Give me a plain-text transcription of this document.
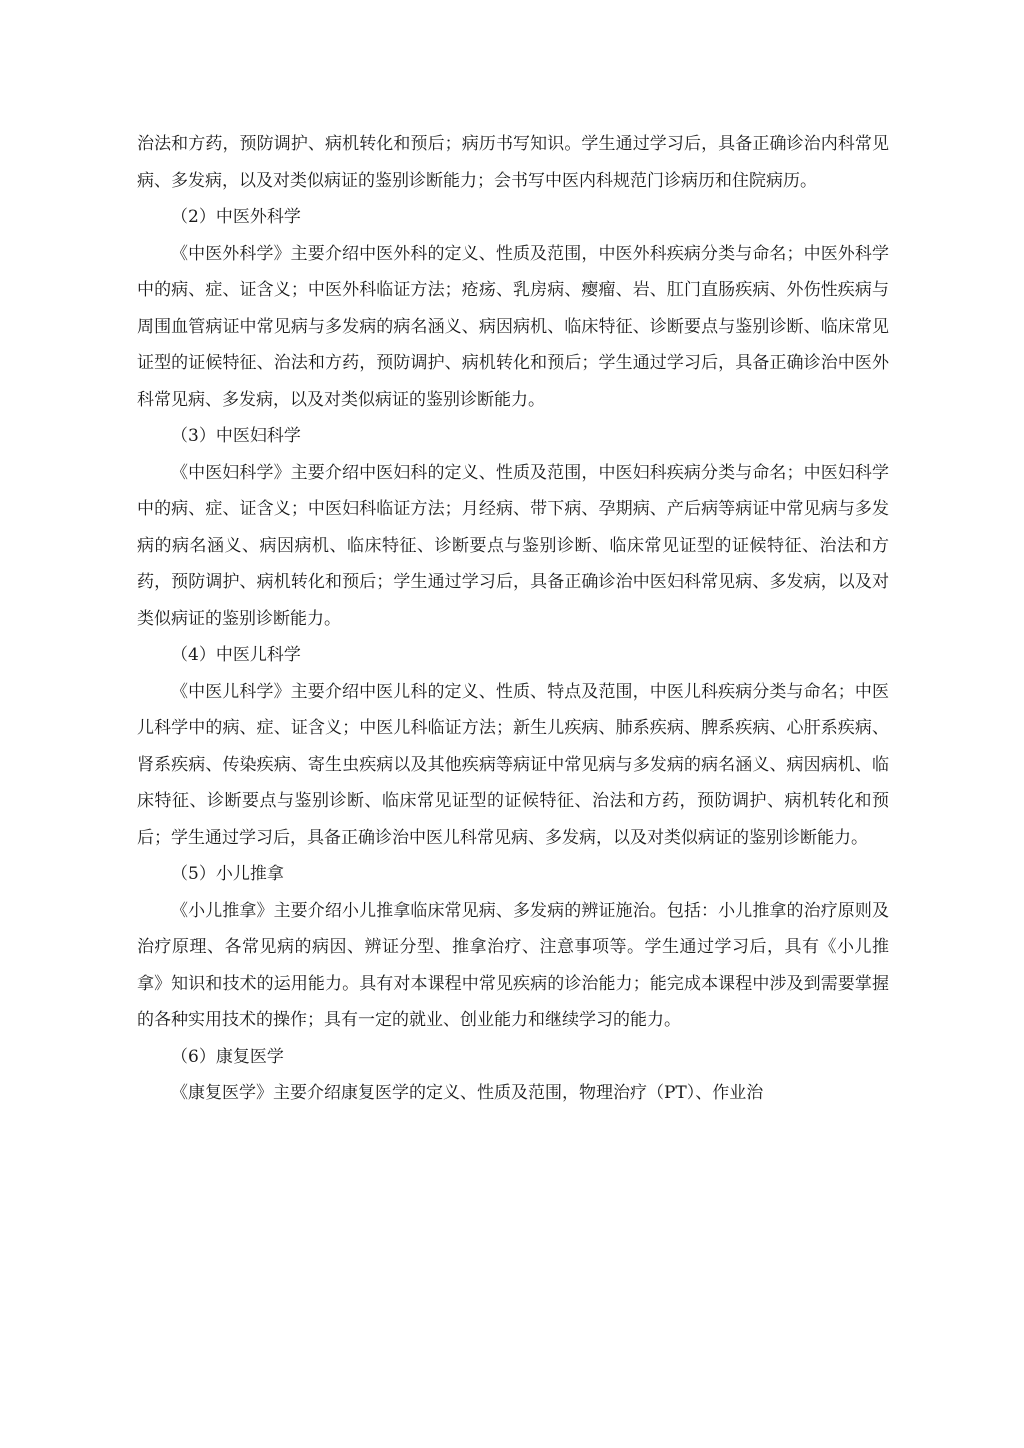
治法和方药，预防调护、病机转化和预后；病历书写知识。学生通过学习后，具备正确诊治内科常见病、多发病，以及对类似病证的鉴别诊断能力；会书写中医内科规范门诊病历和住院病历。

（2）中医外科学

《中医外科学》主要介绍中医外科的定义、性质及范围，中医外科疾病分类与命名；中医外科学中的病、症、证含义；中医外科临证方法；疮疡、乳房病、瘿瘤、岩、肛门直肠疾病、外伤性疾病与周围血管病证中常见病与多发病的病名涵义、病因病机、临床特征、诊断要点与鉴别诊断、临床常见证型的证候特征、治法和方药，预防调护、病机转化和预后；学生通过学习后，具备正确诊治中医外科常见病、多发病，以及对类似病证的鉴别诊断能力。

（3）中医妇科学

《中医妇科学》主要介绍中医妇科的定义、性质及范围，中医妇科疾病分类与命名；中医妇科学中的病、症、证含义；中医妇科临证方法；月经病、带下病、孕期病、产后病等病证中常见病与多发病的病名涵义、病因病机、临床特征、诊断要点与鉴别诊断、临床常见证型的证候特征、治法和方药，预防调护、病机转化和预后；学生通过学习后，具备正确诊治中医妇科常见病、多发病，以及对类似病证的鉴别诊断能力。

（4）中医儿科学

《中医儿科学》主要介绍中医儿科的定义、性质、特点及范围，中医儿科疾病分类与命名；中医儿科学中的病、症、证含义；中医儿科临证方法；新生儿疾病、肺系疾病、脾系疾病、心肝系疾病、肾系疾病、传染疾病、寄生虫疾病以及其他疾病等病证中常见病与多发病的病名涵义、病因病机、临床特征、诊断要点与鉴别诊断、临床常见证型的证候特征、治法和方药，预防调护、病机转化和预后；学生通过学习后，具备正确诊治中医儿科常见病、多发病，以及对类似病证的鉴别诊断能力。

（5）小儿推拿

《小儿推拿》主要介绍小儿推拿临床常见病、多发病的辨证施治。包括：小儿推拿的治疗原则及治疗原理、各常见病的病因、辨证分型、推拿治疗、注意事项等。学生通过学习后，具有《小儿推拿》知识和技术的运用能力。具有对本课程中常见疾病的诊治能力；能完成本课程中涉及到需要掌握的各种实用技术的操作；具有一定的就业、创业能力和继续学习的能力。

（6）康复医学

《康复医学》主要介绍康复医学的定义、性质及范围，物理治疗（PT）、作业治
